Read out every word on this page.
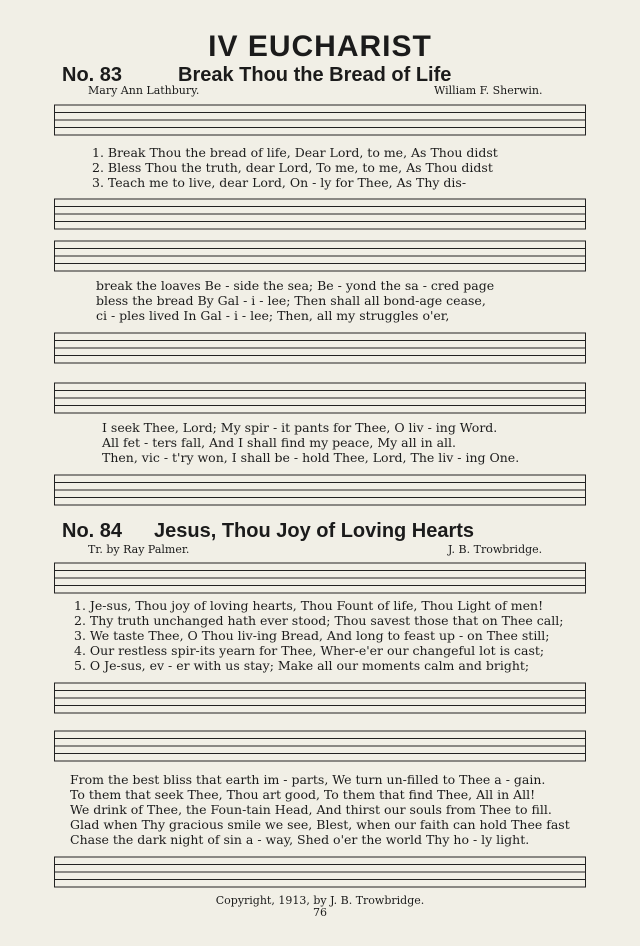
IV EUCHARIST
No. 83	Break Thou the Bread of Life
Mary Ann Lathbury.	William F. Sherwin.
1. Break Thou the bread of life, Dear Lord, to me, As Thou didst
2. Bless Thou the truth, dear Lord, To me, to me, As Thou didst
3. Teach me to live, dear Lord, On - ly for Thee, As Thy dis-
break the loaves Be - side the sea; Be - yond the sa - cred page
bless the bread By Gal - i - lee; Then shall all bond-age cease,
ci - ples lived In Gal - i - lee; Then, all my struggles o'er,
I seek Thee, Lord; My spir - it pants for Thee, O liv - ing Word.
All fet - ters fall, And I shall find my peace, My all in all.
Then, vic - t'ry won, I shall be - hold Thee, Lord, The liv - ing One.
No. 84 Jesus, Thou Joy of Loving Hearts
Tr. by Ray Palmer.	J. B. Trowbridge.
1. Je-sus, Thou joy of loving hearts, Thou Fount of life, Thou Light of men!
2. Thy truth unchanged hath ever stood; Thou savest those that on Thee call;
3. We taste Thee, O Thou liv-ing Bread, And long to feast up - on Thee still;
4. Our restless spir-its yearn for Thee, Wher-e'er our changeful lot is cast;
5. O Je-sus, ev - er with us stay; Make all our moments calm and bright;
From the best bliss that earth im - parts, We turn un-filled to Thee a - gain.
To them that seek Thee, Thou art good, To them that find Thee, All in All!
We drink of Thee, the Foun-tain Head, And thirst our souls from Thee to fill.
Glad when Thy gracious smile we see, Blest, when our faith can hold Thee fast
Chase the dark night of sin a - way, Shed o'er the world Thy ho - ly light.
Copyright, 1913, by J. B. Trowbridge.
76
